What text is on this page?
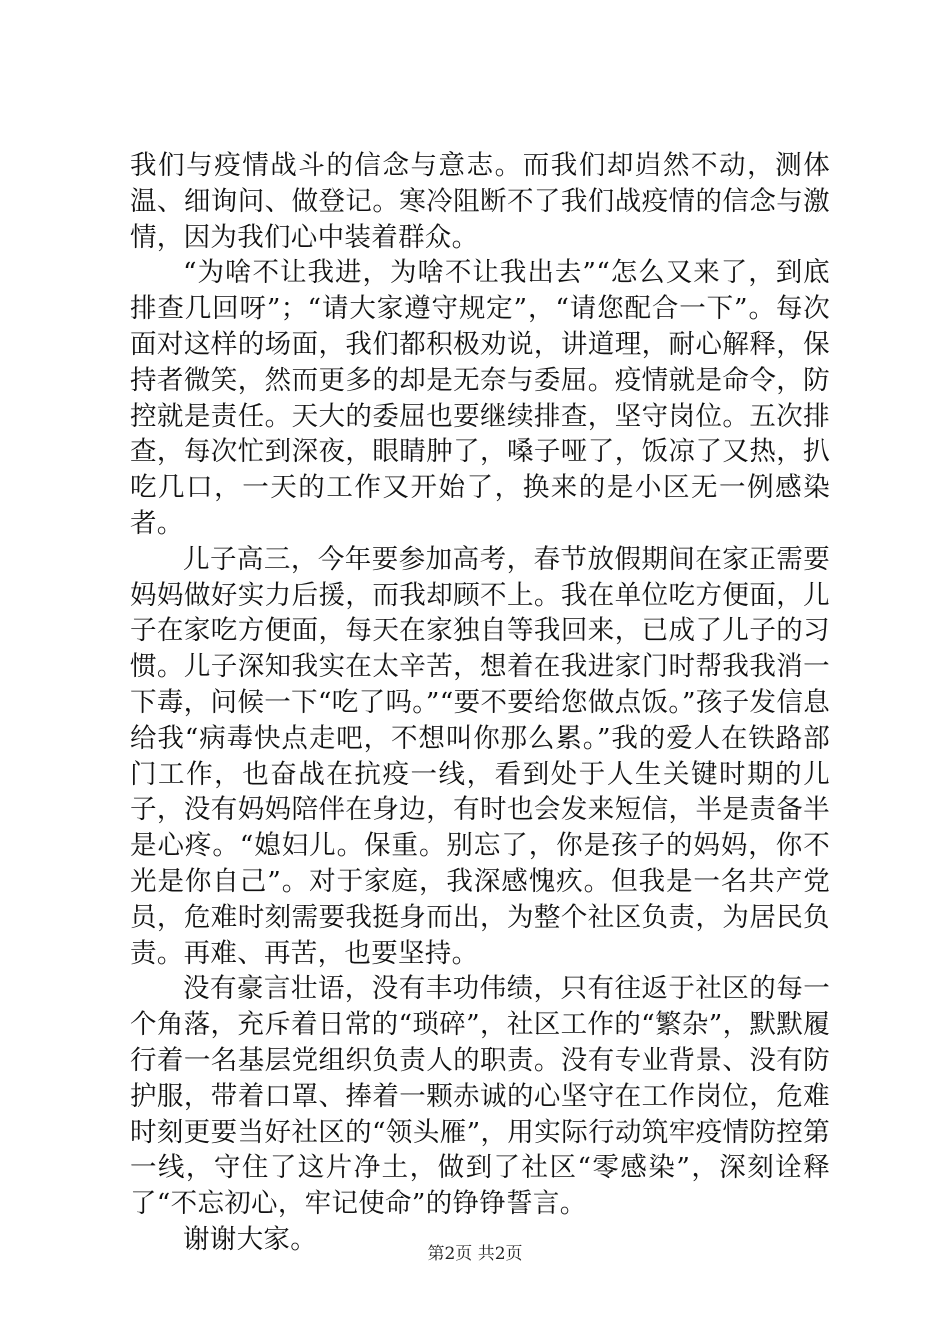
我们与疫情战斗的信念与意志。而我们却岿然不动，测体温、细询问、做登记。寒冷阻断不了我们战疫情的信念与激情，因为我们心中装着群众。

“为啥不让我进，为啥不让我出去”“怎么又来了，到底排查几回呀”；“请大家遵守规定”，“请您配合一下”。每次面对这样的场面，我们都积极劝说，讲道理，耐心解释，保持者微笑，然而更多的却是无奈与委屈。疫情就是命令，防控就是责任。天大的委屈也要继续排查，坚守岗位。五次排查，每次忙到深夜，眼睛肿了，嗓子哑了，饭凉了又热，扒吃几口，一天的工作又开始了，换来的是小区无一例感染者。

儿子高三，今年要参加高考，春节放假期间在家正需要妈妈做好实力后援，而我却顾不上。我在单位吃方便面，儿子在家吃方便面，每天在家独自等我回来，已成了儿子的习惯。儿子深知我实在太辛苦，想着在我进家门时帮我我消一下毒，问候一下“吃了吗。”“要不要给您做点饭。”孩子发信息给我“病毒快点走吧，不想叫你那么累。”我的爱人在铁路部门工作，也奋战在抗疫一线，看到处于人生关键时期的儿子，没有妈妈陪伴在身边，有时也会发来短信，半是责备半是心疼。“媳妇儿。保重。别忘了，你是孩子的妈妈，你不光是你自己”。对于家庭，我深感愧疚。但我是一名共产党员，危难时刻需要我挺身而出，为整个社区负责，为居民负责。再难、再苦，也要坚持。

没有豪言壮语，没有丰功伟绩，只有往返于社区的每一个角落，充斥着日常的“琐碎”，社区工作的“繁杂”，默默履行着一名基层党组织负责人的职责。没有专业背景、没有防护服，带着口罩、捧着一颗赤诚的心坚守在工作岗位，危难时刻更要当好社区的“领头雁”，用实际行动筑牢疫情防控第一线，守住了这片净土，做到了社区“零感染”，深刻诠释了“不忘初心，牢记使命”的铮铮誓言。

谢谢大家。	第2页 共2页
